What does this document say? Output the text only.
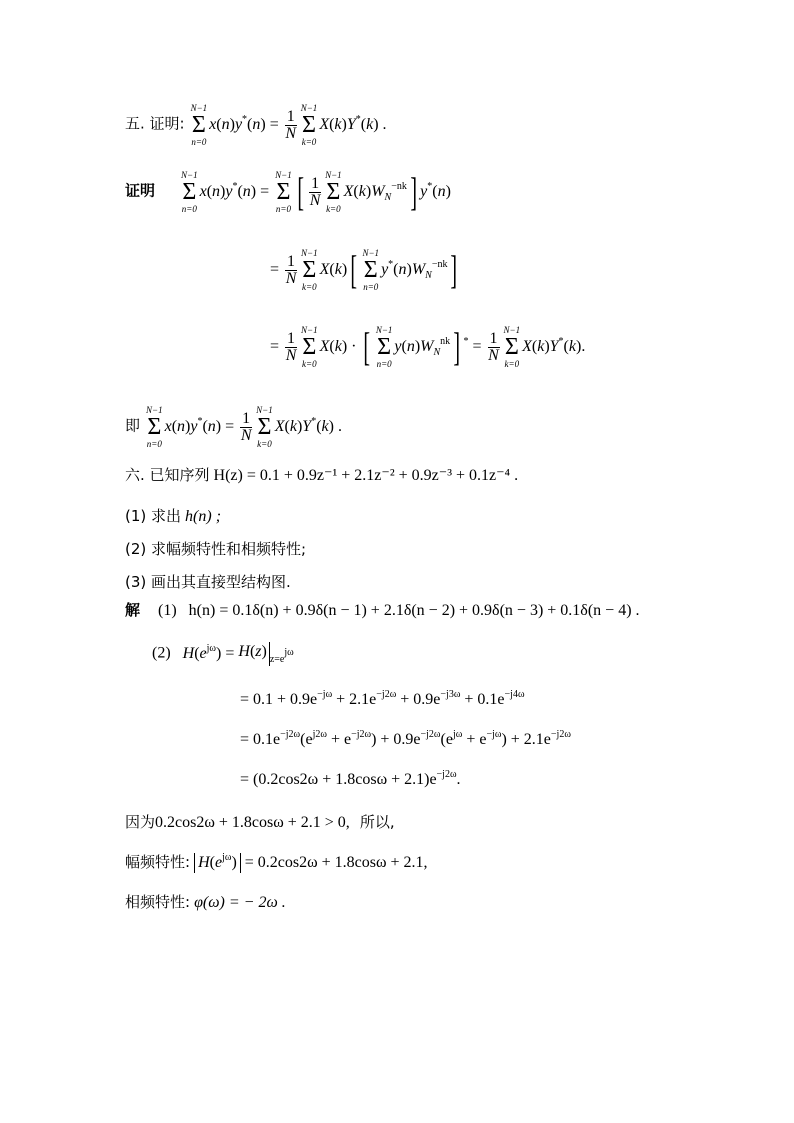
五. 证明:
N−1
Σ
n=0
$x(n)y^*(n) = \frac{1}{N}$
N−1
Σ
k=0
X(k)Y*(k) .
证明
N−1
Σ
n=0
x(n)y*(n) =
N−1
Σ
n=0 [ $\frac{1}{N}$
N−1
Σ
k=0
$X(k)W_N^{-nk}$] y*(n)
= $\frac{1}{N}$
N−1
Σ
k=0
X(k)[ N−1
Σ
n=0
$y^*(n)W_N^{-nk}$]
= $\frac{1}{N}$
N−1
Σ
k=0
X(k) · [ N−1
Σ
n=0
$y(n)W_N^{nk}$] $^* = \frac{1}{N}$
N−1
Σ
k=0
X(k)Y*(k).
即
N−1
Σ
n=0
$x(n)y^*(n) = \frac{1}{N}$
N−1
Σ
k=0
X(k)Y*(k) .
六. 已知序列 H(z) = 0.1 + 0.9z⁻¹ + 2.1z⁻² + 0.9z⁻³ + 0.1z⁻⁴ .
(1) 求出 h(n) ;
(2) 求幅频特性和相频特性;
(3) 画出其直接型结构图.
解 (1) h(n) = 0.1δ(n) + 0.9δ(n − 1) + 2.1δ(n − 2) + 0.9δ(n − 3) + 0.1δ(n − 4) .
(2) $H(e^{j\omega}) = H(z)$ $_{z=e^{j\omega}}$
= $0.1 + 0.9e^{-j\omega} + 2.1e^{-j2\omega} + 0.9e^{-j3\omega} + 0.1e^{-j4\omega}$
= $0.1e^{-j2\omega}(e^{j2\omega} + e^{-j2\omega}) + 0.9e^{-j2\omega}(e^{j\omega} + e^{-j\omega}) + 2.1e^{-j2\omega}$
= $(0.2\cos 2\omega + 1.8\cos\omega + 2.1)e^{-j2\omega}$.
因为0.2cos2ω + 1.8cosω + 2.1 > 0, 所以,
幅频特性: $H(e^{j\omega}) = 0.2\cos 2\omega + 1.8\cos\omega + 2.1$,
相频特性: φ(ω) = − 2ω .
